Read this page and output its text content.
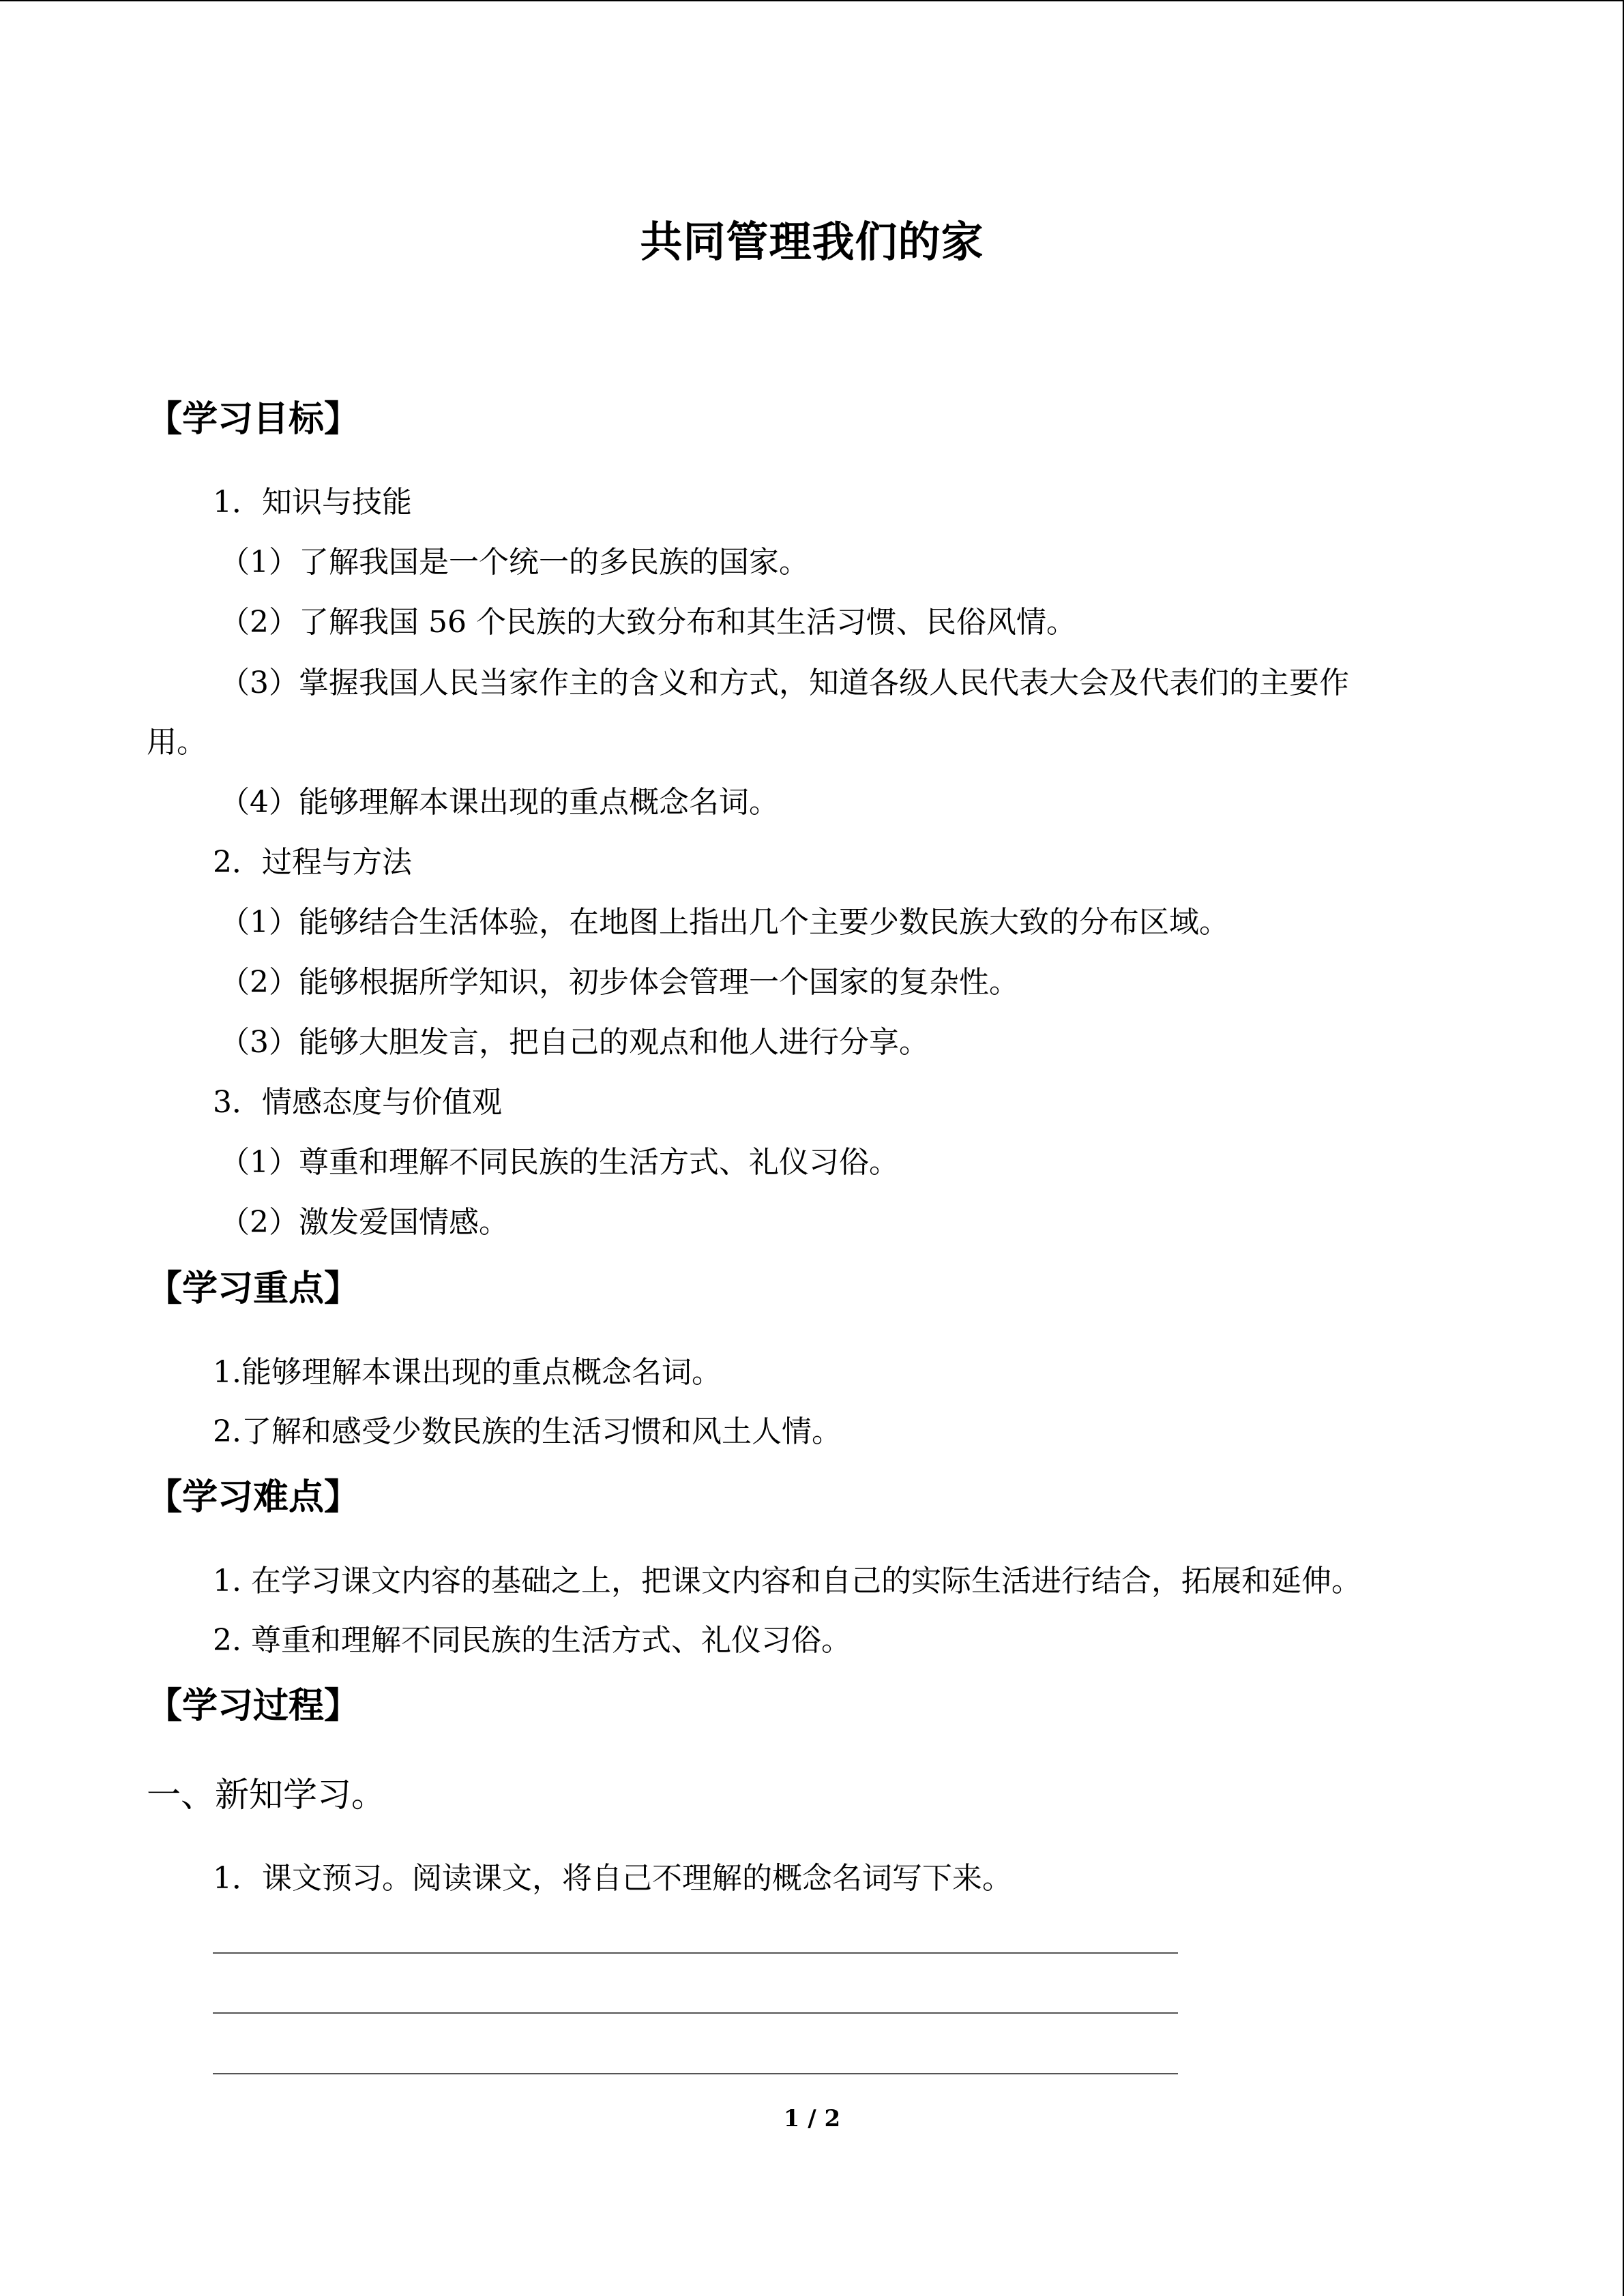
共同管理我们的家
【学习目标】
1．知识与技能
（1）了解我国是一个统一的多民族的国家。
（2）了解我国 56 个民族的大致分布和其生活习惯、民俗风情。
（3）掌握我国人民当家作主的含义和方式，知道各级人民代表大会及代表们的主要作
用。
（4）能够理解本课出现的重点概念名词。
2．过程与方法
（1）能够结合生活体验，在地图上指出几个主要少数民族大致的分布区域。
（2）能够根据所学知识，初步体会管理一个国家的复杂性。
（3）能够大胆发言，把自己的观点和他人进行分享。
3．情感态度与价值观
（1）尊重和理解不同民族的生活方式、礼仪习俗。
（2）激发爱国情感。
【学习重点】
1.能够理解本课出现的重点概念名词。
2.了解和感受少数民族的生活习惯和风土人情。
【学习难点】
1. 在学习课文内容的基础之上，把课文内容和自己的实际生活进行结合，拓展和延伸。
2. 尊重和理解不同民族的生活方式、礼仪习俗。
【学习过程】
一、新知学习。
1．课文预习。阅读课文，将自己不理解的概念名词写下来。
1 / 2
